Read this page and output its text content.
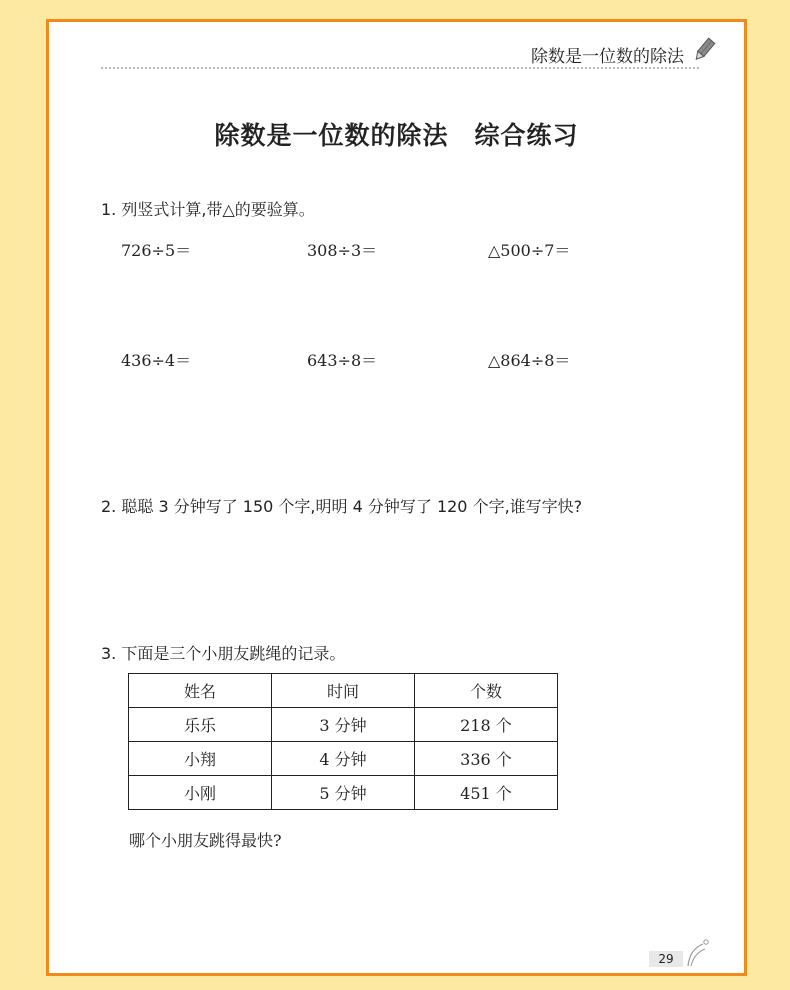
除数是一位数的除法
除数是一位数的除法　综合练习
1. 列竖式计算,带△的要验算。
726÷5＝	308÷3＝	△500÷7＝
436÷4＝	643÷8＝	△864÷8＝
2. 聪聪 3 分钟写了 150 个字,明明 4 分钟写了 120 个字,谁写字快?
3. 下面是三个小朋友跳绳的记录。
姓名	时间	个数
乐乐	3 分钟	218 个
小翔	4 分钟	336 个
小刚	5 分钟	451 个
哪个小朋友跳得最快?
29
